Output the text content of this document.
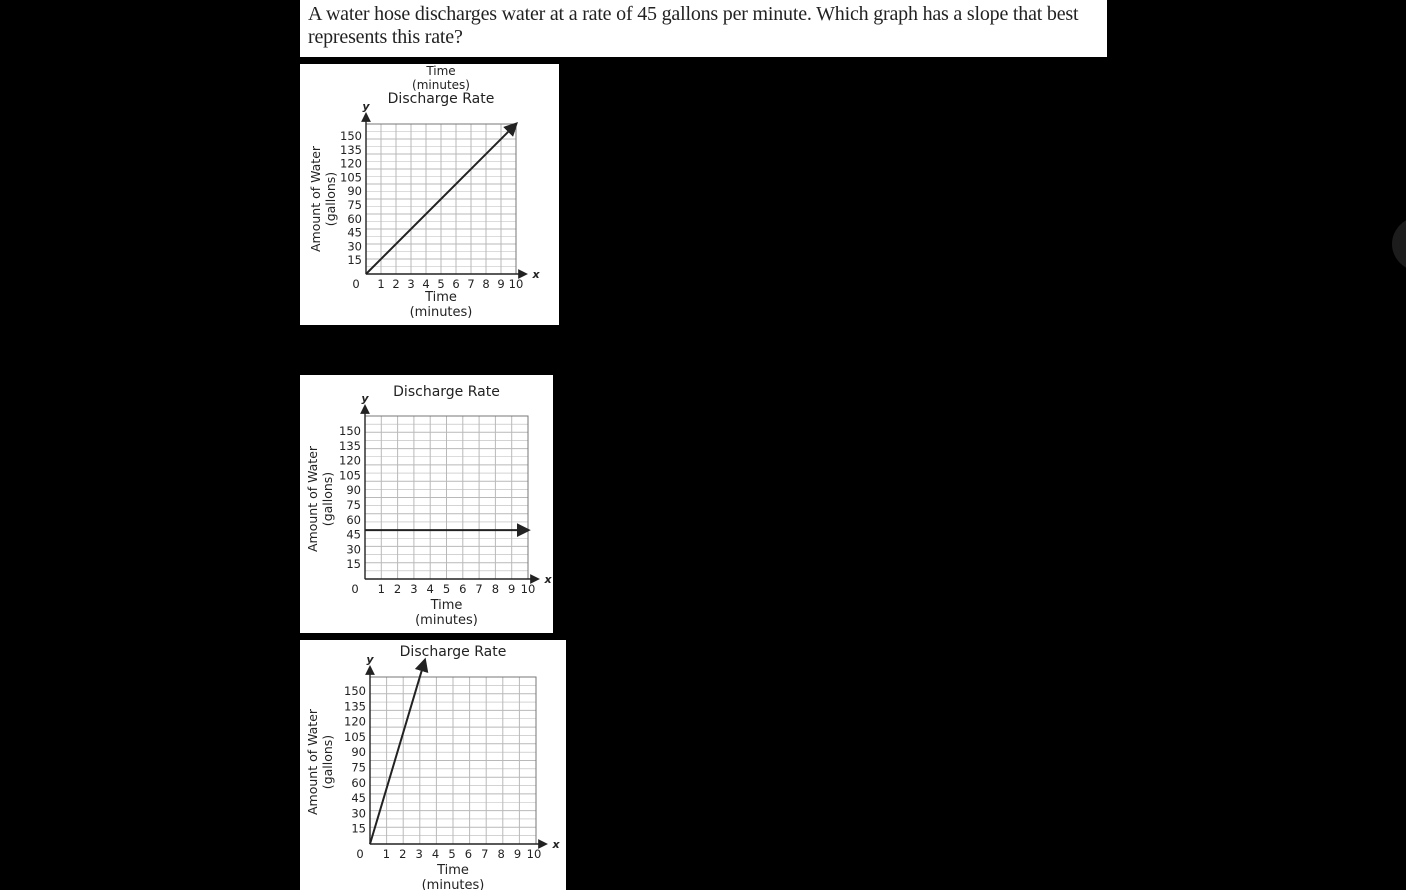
A water hose discharges water at a rate of 45 gallons per minute. Which graph has a slope that best represents this rate?
Time
(minutes)
Discharge Rate
x
y
1 2 3 4 5 6 7 8 9 10
0
15
30
45
60
75
90
105
120
135
150
Time
(minutes)
Amount of Water (gallons)
Discharge Rate
x
y
1 2 3 4 5 6 7 8 9 10
0
15
30
45
60
75
90
105
120
135
150
Time
(minutes)
Amount of Water (gallons)
Discharge Rate
x
y
1 2 3 4 5 6 7 8 9 10
0
15
30
45
60
75
90
105
120
135
150
Time
(minutes)
Amount of Water (gallons)
